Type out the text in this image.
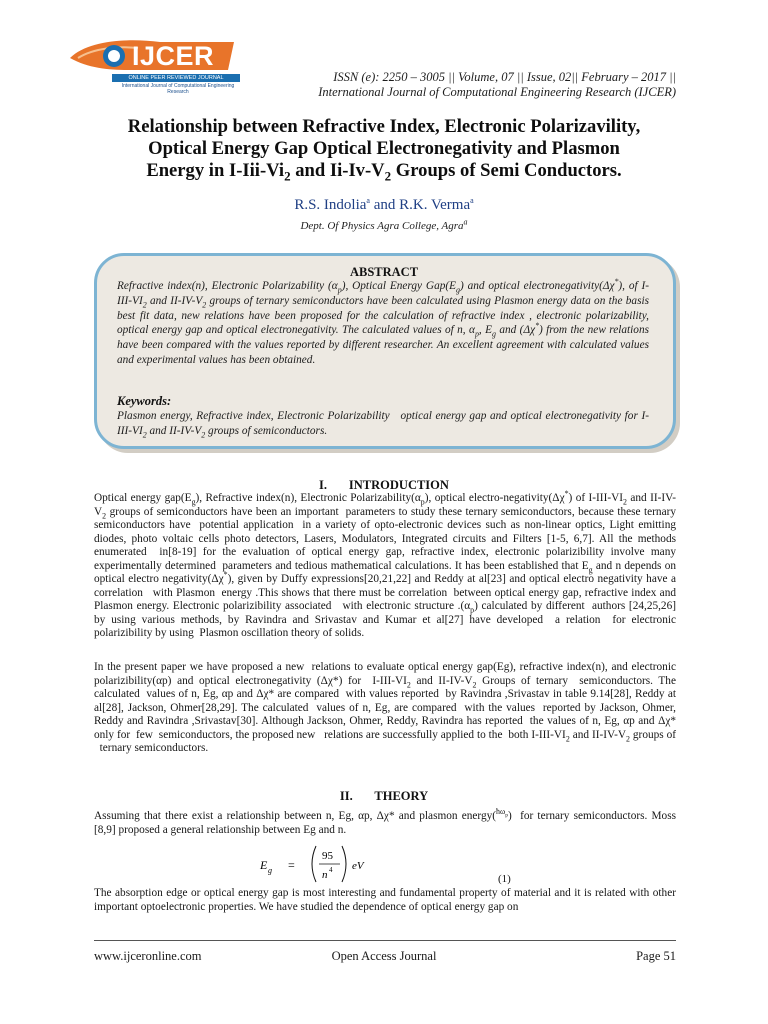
IJCER
ONLINE PEER REVIEWED JOURNAL
International Journal of Computational Engineering Research
ISSN (e): 2250 – 3005 || Volume, 07 || Issue, 02|| February – 2017 ||
International Journal of Computational Engineering Research (IJCER)
Relationship between Refractive Index, Electronic Polarizavility,
Optical Energy Gap Optical Electronegativity and Plasmon
Energy in $I-Iii-Vi_2$ and $Ii-Iv-V_2$ Groups of Semi Conductors.
R.S. Indolia$^a$ and R.K. Verma$^a$
Dept. Of Physics Agra College, Agra$^a$
ABSTRACT
Refractive index(n), Electronic Polarizability $(\alpha_p)$, Optical Energy $Gap(E_g)$ and optical electronegativity(Δχ*), of $I-III-VI_2$ and $II-IV-V_2$ groups of ternary semiconductors have been calculated using Plasmon energy data on the basis best fit data, new relations have been proposed for the calculation of refractive index , electronic polarizability, optical energy gap and optical electronegativity. The calculated values of n, $\alpha_p$, $E_g$ and (Δχ*) from the new relations have been compared with the values reported by different researcher. An excellent agreement with calculated values and experimental values has been obtained.
Keywords:
Plasmon energy, Refractive index, Electronic Polarizability   optical energy gap and optical electronegativity for $I-III-VI_2$ and $II-IV-V_2$ groups of semiconductors.
I.       INTRODUCTION
Optical energy $gap(E_g)$, Refractive index(n), Electronic $Polarizability(\alpha_p)$, optical electro-negativity(Δχ*) of $I-III-VI_2$ and $II-IV-V_2$ groups of semiconductors have been an important  parameters to study these ternary semiconductors, because these ternary semiconductors have  potential application  in a variety of opto-electronic devices such as non-linear optics, Light emitting diodes, photo voltaic cells photo detectors, Lasers, Modulators, Integrated circuits and Filters [1-5, 6,7]. All the methods enumerated  in[8-19] for the evaluation of optical energy gap, refractive index, electronic polarizibility involve many experimentally determined  parameters and tedious mathematical calculations. It has been established that $E_g$ and n depends on optical electro negativity(Δχ*), given by Duffy expressions[20,21,22] and Reddy at al[23] and optical electro negativity have a correlation   with Plasmon  energy .This shows that there must be correlation  between optical energy gap, refractive index and Plasmon energy. Electronic polarizibility associated   with electronic structure $.(\alpha_p)$ calculated by different  authors [24,25,26] by using various methods, by Ravindra and Srivastav and Kumar et al[27] have developed  a relation  for electronic polarizibility by using  Plasmon oscillation theory of solids.
In the present paper we have proposed a new  relations to evaluate optical energy gap(Eg), refractive index(n), and electronic polarizibility(αp) and optical electronegativity (Δχ*) for  $I-III-VI_2$ and $II-IV-V_2$ Groups of ternary  semiconductors. The calculated  values of n, Eg, αp and Δχ* are compared  with values reported  by Ravindra ,Srivastav in table 9.14[28], Reddy at al[28], Jackson, Ohmer[28,29]. The calculated  values of n, Eg, are compared  with the values  reported by Jackson, Ohmer, Reddy and Ravindra ,Srivastav[30]. Although Jackson, Ohmer, Reddy, Ravindra has reported  the values of n, Eg, αp and Δχ* only for  few  semiconductors, the proposed new   relations are successfully applied to the  both $I-III-VI_2$ and $II-IV-V_2$ groups of   ternary semiconductors.
II.       THEORY
Assuming that there exist a relationship between n, Eg, αp, Δχ* and plasmon energy($^{ħ\omega_p}$)  for ternary semiconductors. Moss [8,9] proposed a general relationship between Eg and n.
E g =
95
n 4 eV
(1)
The absorption edge or optical energy gap is most interesting and fundamental property of material and it is related with other important optoelectronic properties. We have studied the dependence of optical energy gap on
www.ijceronline.com	Open Access Journal	Page 51
